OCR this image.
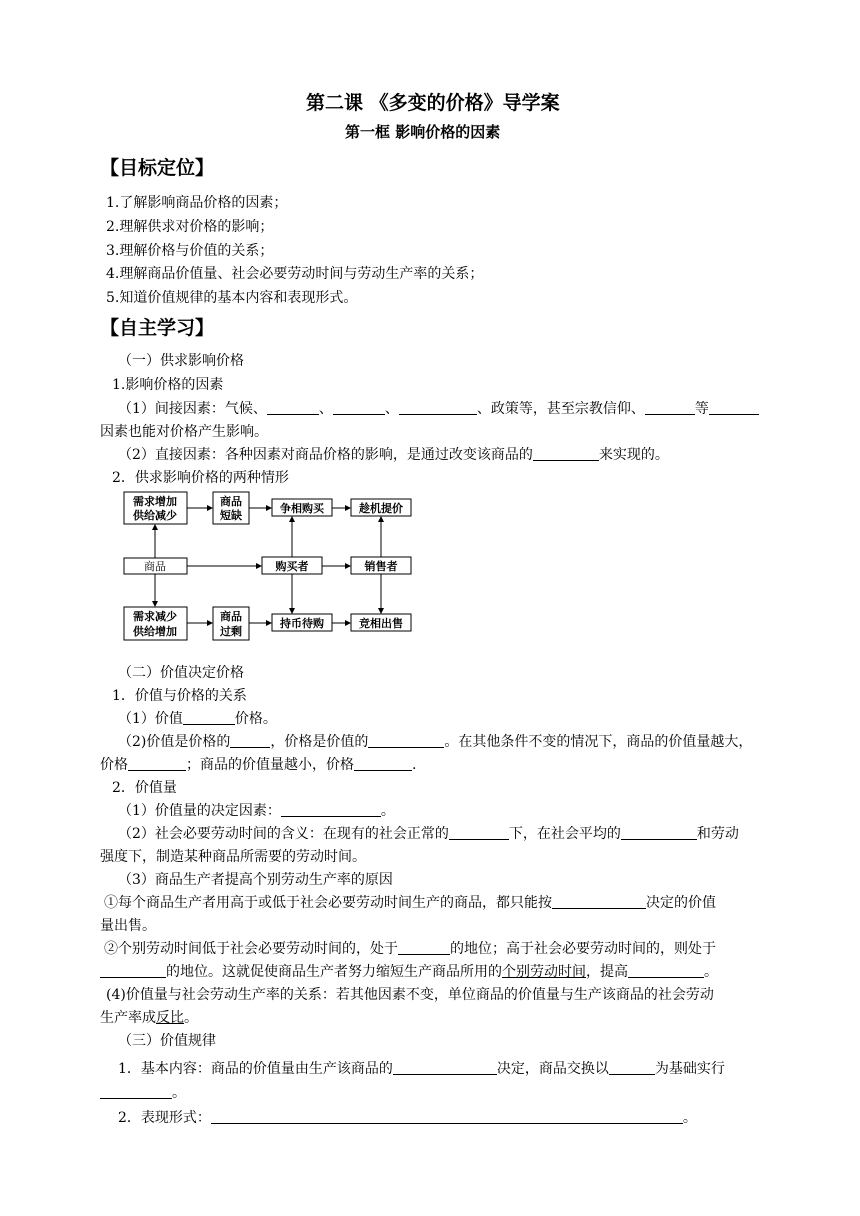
第二课 《多变的价格》导学案
第一框 影响价格的因素
【目标定位】
1.了解影响商品价格的因素；
2.理解供求对价格的影响；
3.理解价格与价值的关系；
4.理解商品价值量、社会必要劳动时间与劳动生产率的关系；
5.知道价值规律的基本内容和表现形式。
【自主学习】
（一）供求影响价格
1.影响价格的因素
（1）间接因素：气候、	、	、	、政策等，甚至宗教信仰、	等
因素也能对价格产生影响。
（2）直接因素：各种因素对商品价格的影响，是通过改变该商品的	来实现的。
2．供求影响价格的两种情形
需求增加
供给减少
商品
短缺
争相购买	趁机提价
商品	购买者	销售者
需求减少
供给增加
商品
过剩
持币待购	竞相出售
（二）价值决定价格
1．价值与价格的关系
（1）价值	价格。
（2)价值是价格的	，价格是价值的	。在其他条件不变的情况下，商品的价值量越大，
价格	；商品的价值量越小，价格	.
2．价值量
（1）价值量的决定因素：	。
（2）社会必要劳动时间的含义：在现有的社会正常的	下，在社会平均的	和劳动
强度下，制造某种商品所需要的劳动时间。
（3）商品生产者提高个别劳动生产率的原因
①每个商品生产者用高于或低于社会必要劳动时间生产的商品，都只能按	决定的价值
量出售。
②个别劳动时间低于社会必要劳动时间的，处于	的地位；高于社会必要劳动时间的，则处于
的地位。这就促使商品生产者努力缩短生产商品所用的个别劳动时间，提高	。
(4)价值量与社会劳动生产率的关系：若其他因素不变，单位商品的价值量与生产该商品的社会劳动
生产率成反比。
（三）价值规律
1．基本内容：商品的价值量由生产该商品的	决定，商品交换以	为基础实行
。
2．表现形式：	。
